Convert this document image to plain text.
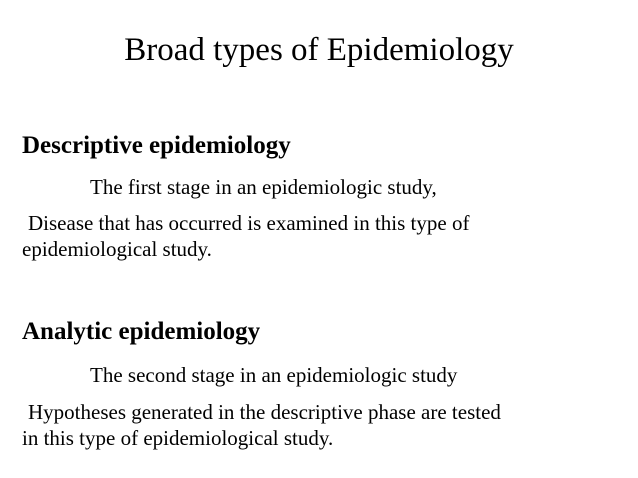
Broad types of Epidemiology
Descriptive epidemiology
The first stage in an epidemiologic study,
Disease that has occurred is examined in this type of
epidemiological study.
Analytic epidemiology
The second stage in an epidemiologic study
Hypotheses generated in the descriptive phase are tested
in this type of epidemiological study.
